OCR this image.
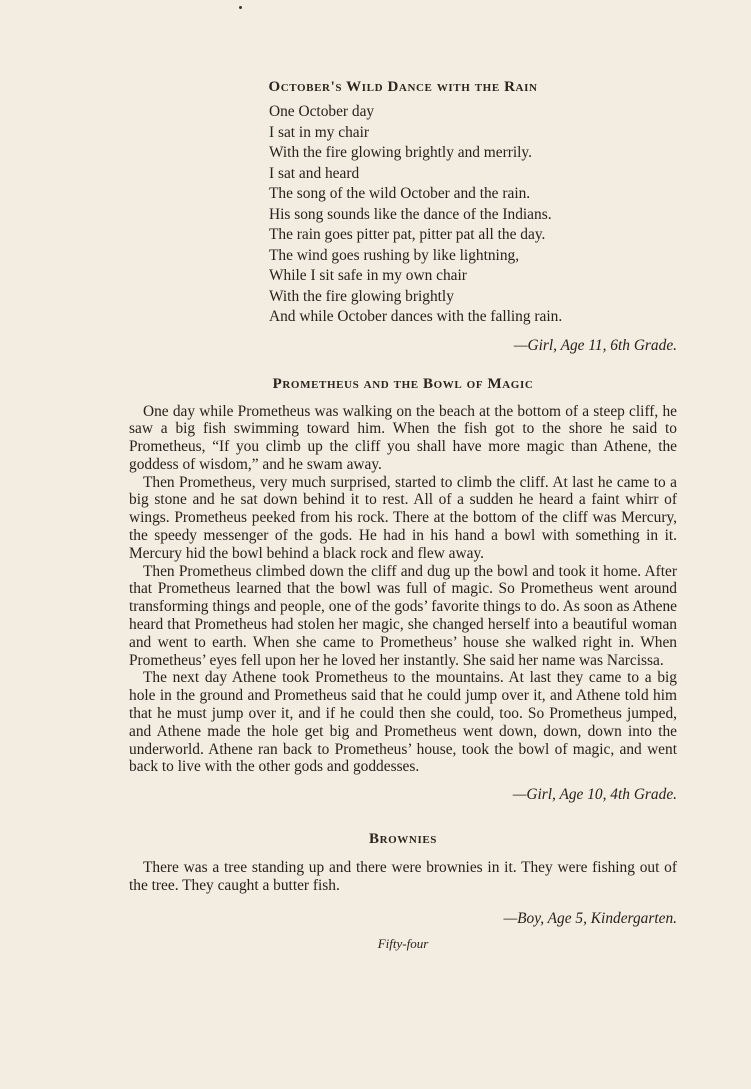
October's Wild Dance with the Rain
One October day
I sat in my chair
With the fire glowing brightly and merrily.
I sat and heard
The song of the wild October and the rain.
His song sounds like the dance of the Indians.
The rain goes pitter pat, pitter pat all the day.
The wind goes rushing by like lightning,
While I sit safe in my own chair
With the fire glowing brightly
And while October dances with the falling rain.

—Girl, Age 11, 6th Grade.

Prometheus and the Bowl of Magic

One day while Prometheus was walking on the beach at the bottom of a steep cliff, he saw a big fish swimming toward him. When the fish got to the shore he said to Prometheus, “If you climb up the cliff you shall have more magic than Athene, the goddess of wisdom,” and he swam away.

Then Prometheus, very much surprised, started to climb the cliff. At last he came to a big stone and he sat down behind it to rest. All of a sudden he heard a faint whirr of wings. Prometheus peeked from his rock. There at the bottom of the cliff was Mercury, the speedy messenger of the gods. He had in his hand a bowl with something in it. Mercury hid the bowl behind a black rock and flew away.

Then Prometheus climbed down the cliff and dug up the bowl and took it home. After that Prometheus learned that the bowl was full of magic. So Prometheus went around transforming things and people, one of the gods’ favorite things to do. As soon as Athene heard that Prometheus had stolen her magic, she changed herself into a beautiful woman and went to earth. When she came to Prometheus’ house she walked right in. When Prometheus’ eyes fell upon her he loved her instantly. She said her name was Narcissa.

The next day Athene took Prometheus to the mountains. At last they came to a big hole in the ground and Prometheus said that he could jump over it, and Athene told him that he must jump over it, and if he could then she could, too. So Prometheus jumped, and Athene made the hole get big and Prometheus went down, down, down into the underworld. Athene ran back to Prometheus’ house, took the bowl of magic, and went back to live with the other gods and goddesses.

—Girl, Age 10, 4th Grade.

Brownies

There was a tree standing up and there were brownies in it. They were fishing out of the tree. They caught a butter fish.

—Boy, Age 5, Kindergarten.

Fifty-four
